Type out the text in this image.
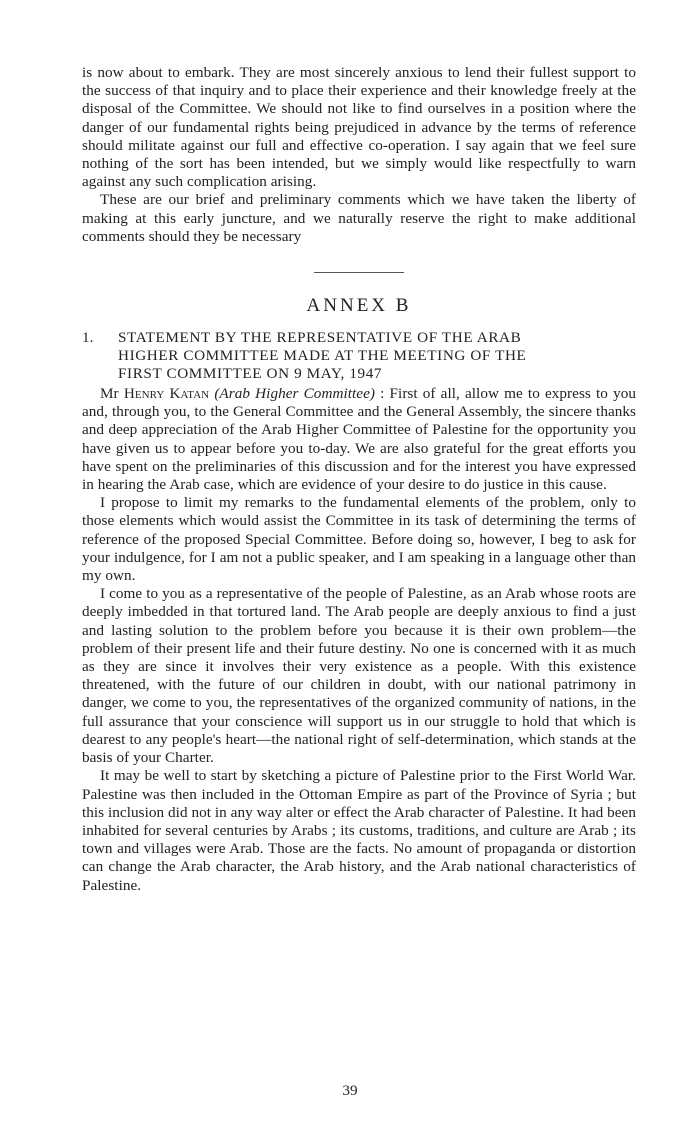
is now about to embark. They are most sincerely anxious to lend their fullest support to the success of that inquiry and to place their experience and their knowledge freely at the disposal of the Committee. We should not like to find ourselves in a position where the danger of our fundamental rights being prejudiced in advance by the terms of reference should militate against our full and effective co-operation. I say again that we feel sure nothing of the sort has been intended, but we simply would like respectfully to warn against any such complication arising.

These are our brief and preliminary comments which we have taken the liberty of making at this early juncture, and we naturally reserve the right to make additional comments should they be necessary

ANNEX B
1.	STATEMENT BY THE REPRESENTATIVE OF THE ARAB
HIGHER COMMITTEE MADE AT THE MEETING OF THE
FIRST COMMITTEE ON 9 MAY, 1947

Mr Henry Katan (Arab Higher Committee) : First of all, allow me to express to you and, through you, to the General Committee and the General Assembly, the sincere thanks and deep appreciation of the Arab Higher Committee of Palestine for the opportunity you have given us to appear before you to-day. We are also grateful for the great efforts you have spent on the preliminaries of this discussion and for the interest you have expressed in hearing the Arab case, which are evidence of your desire to do justice in this cause.

I propose to limit my remarks to the fundamental elements of the problem, only to those elements which would assist the Committee in its task of determining the terms of reference of the proposed Special Committee. Before doing so, however, I beg to ask for your indulgence, for I am not a public speaker, and I am speaking in a language other than my own.

I come to you as a representative of the people of Palestine, as an Arab whose roots are deeply imbedded in that tortured land. The Arab people are deeply anxious to find a just and lasting solution to the problem before you because it is their own problem—the problem of their present life and their future destiny. No one is concerned with it as much as they are since it involves their very existence as a people. With this existence threatened, with the future of our children in doubt, with our national patrimony in danger, we come to you, the representatives of the organized community of nations, in the full assurance that your conscience will support us in our struggle to hold that which is dearest to any people's heart—the national right of self-determination, which stands at the basis of your Charter.

It may be well to start by sketching a picture of Palestine prior to the First World War. Palestine was then included in the Ottoman Empire as part of the Province of Syria ; but this inclusion did not in any way alter or effect the Arab character of Palestine. It had been inhabited for several centuries by Arabs ; its customs, traditions, and culture are Arab ; its town and villages were Arab. Those are the facts. No amount of propaganda or distortion can change the Arab character, the Arab history, and the Arab national characteristics of Palestine.

39
